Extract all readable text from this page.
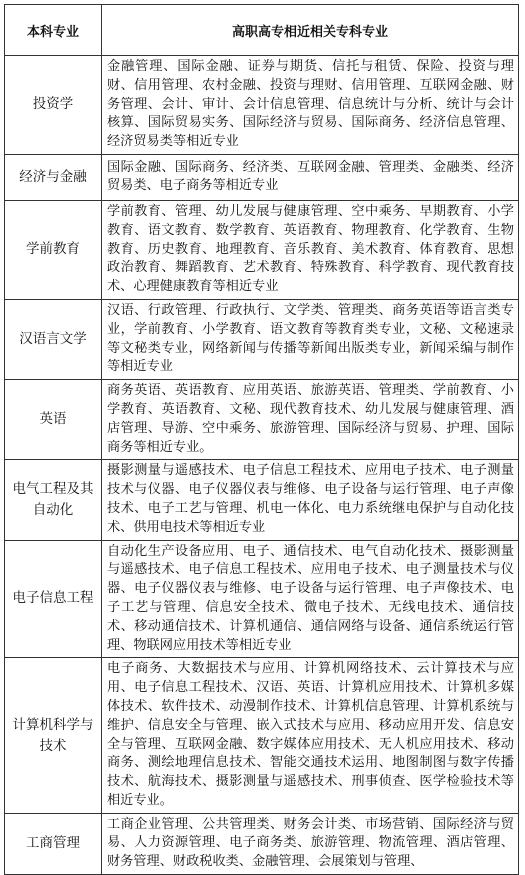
本科专业	高职高专相近相关专科专业
投资学	金融管理、国际金融、证券与期货、信托与租赁、保险、投资与理财、信用管理、农村金融、投资与理财、信用管理、互联网金融、财务管理、会计、审计、会计信息管理、信息统计与分析、统计与会计核算、国际贸易实务、国际经济与贸易、国际商务、经济信息管理、经济贸易类等相近专业
经济与金融	国际金融、国际商务、经济类、互联网金融、管理类、金融类、经济贸易类、电子商务等相近专业
学前教育	学前教育、管理、幼儿发展与健康管理、空中乘务、早期教育、小学教育、语文教育、数学教育、英语教育、物理教育、化学教育、生物教育、历史教育、地理教育、音乐教育、美术教育、体育教育、思想政治教育、舞蹈教育、艺术教育、特殊教育、科学教育、现代教育技术、心理健康教育等相近专业
汉语言文学	汉语、行政管理、行政执行、文学类、管理类、商务英语等语言类专业，学前教育、小学教育、语文教育等教育类专业，文秘、文秘速录等文秘类专业，网络新闻与传播等新闻出版类专业，新闻采编与制作等相近专业
英语	商务英语、英语教育、应用英语、旅游英语、管理类、学前教育、小学教育、英语教育、文秘、现代教育技术、幼儿发展与健康管理、酒店管理、导游、空中乘务、旅游管理、国际经济与贸易、护理、国际商务等相近专业。
电气工程及其自动化	摄影测量与遥感技术、电子信息工程技术、应用电子技术、电子测量技术与仪器、电子仪器仪表与维修、电子设备与运行管理、电子声像技术、电子工艺与管理、机电一体化、电力系统继电保护与自动化技术、供用电技术等相近专业
电子信息工程	自动化生产设备应用、电子、通信技术、电气自动化技术、摄影测量与遥感技术、电子信息工程技术、应用电子技术、电子测量技术与仪器、电子仪器仪表与维修、电子设备与运行管理、电子声像技术、电子工艺与管理、信息安全技术、微电子技术、无线电技术、通信技术、移动通信技术、计算机通信、通信网络与设备、通信系统运行管理、物联网应用技术等相近专业
计算机科学与技术	电子商务、大数据技术与应用、计算机网络技术、云计算技术与应用、电子信息工程技术、汉语、英语、计算机应用技术、计算机多媒体技术、软件技术、动漫制作技术、计算机信息管理、计算机系统与维护、信息安全与管理、嵌入式技术与应用、移动应用开发、信息安全与管理、互联网金融、数字媒体应用技术、无人机应用技术、移动商务、测绘地理信息技术、智能交通技术运用、地图制图与数字传播技术、航海技术、摄影测量与遥感技术、刑事侦查、医学检验技术等相近专业。
工商管理	工商企业管理、公共管理类、财务会计类、市场营销、国际经济与贸易、人力资源管理、电子商务类、旅游管理、物流管理、酒店管理、财务管理、财政税收类、金融管理、会展策划与管理、
